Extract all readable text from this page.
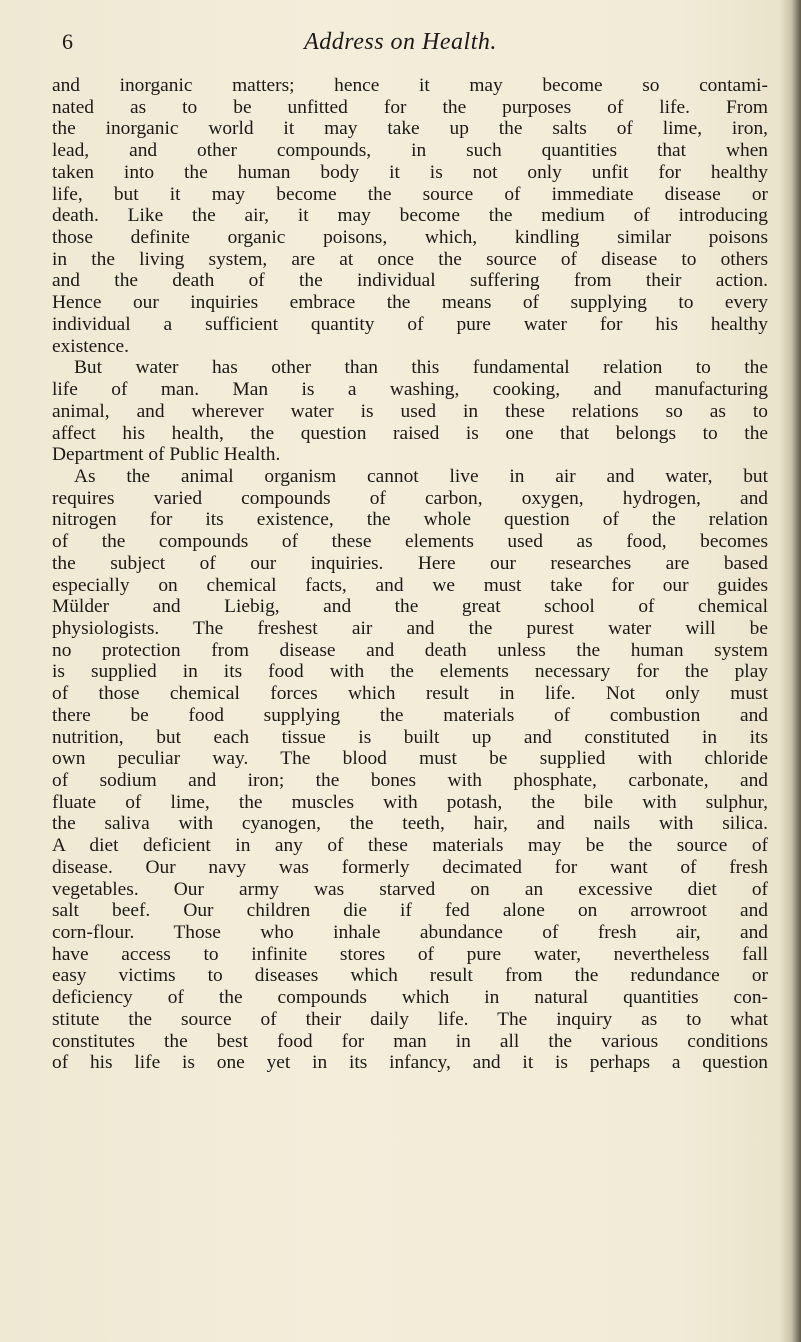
6	Address on Health.
and inorganic matters; hence it may become so contami-
nated as to be unfitted for the purposes of life. From
the inorganic world it may take up the salts of lime, iron,
lead, and other compounds, in such quantities that when
taken into the human body it is not only unfit for healthy
life, but it may become the source of immediate disease or
death. Like the air, it may become the medium of introducing
those definite organic poisons, which, kindling similar poisons
in the living system, are at once the source of disease to others
and the death of the individual suffering from their action.
Hence our inquiries embrace the means of supplying to every
individual a sufficient quantity of pure water for his healthy
existence.
But water has other than this fundamental relation to the
life of man. Man is a washing, cooking, and manufacturing
animal, and wherever water is used in these relations so as to
affect his health, the question raised is one that belongs to the
Department of Public Health.
As the animal organism cannot live in air and water, but
requires varied compounds of carbon, oxygen, hydrogen, and
nitrogen for its existence, the whole question of the relation
of the compounds of these elements used as food, becomes
the subject of our inquiries. Here our researches are based
especially on chemical facts, and we must take for our guides
Mülder and Liebig, and the great school of chemical
physiologists. The freshest air and the purest water will be
no protection from disease and death unless the human system
is supplied in its food with the elements necessary for the play
of those chemical forces which result in life. Not only must
there be food supplying the materials of combustion and
nutrition, but each tissue is built up and constituted in its
own peculiar way. The blood must be supplied with chloride
of sodium and iron; the bones with phosphate, carbonate, and
fluate of lime, the muscles with potash, the bile with sulphur,
the saliva with cyanogen, the teeth, hair, and nails with silica.
A diet deficient in any of these materials may be the source of
disease. Our navy was formerly decimated for want of fresh
vegetables. Our army was starved on an excessive diet of
salt beef. Our children die if fed alone on arrowroot and
corn-flour. Those who inhale abundance of fresh air, and
have access to infinite stores of pure water, nevertheless fall
easy victims to diseases which result from the redundance or
deficiency of the compounds which in natural quantities con-
stitute the source of their daily life. The inquiry as to what
constitutes the best food for man in all the various conditions
of his life is one yet in its infancy, and it is perhaps a question
